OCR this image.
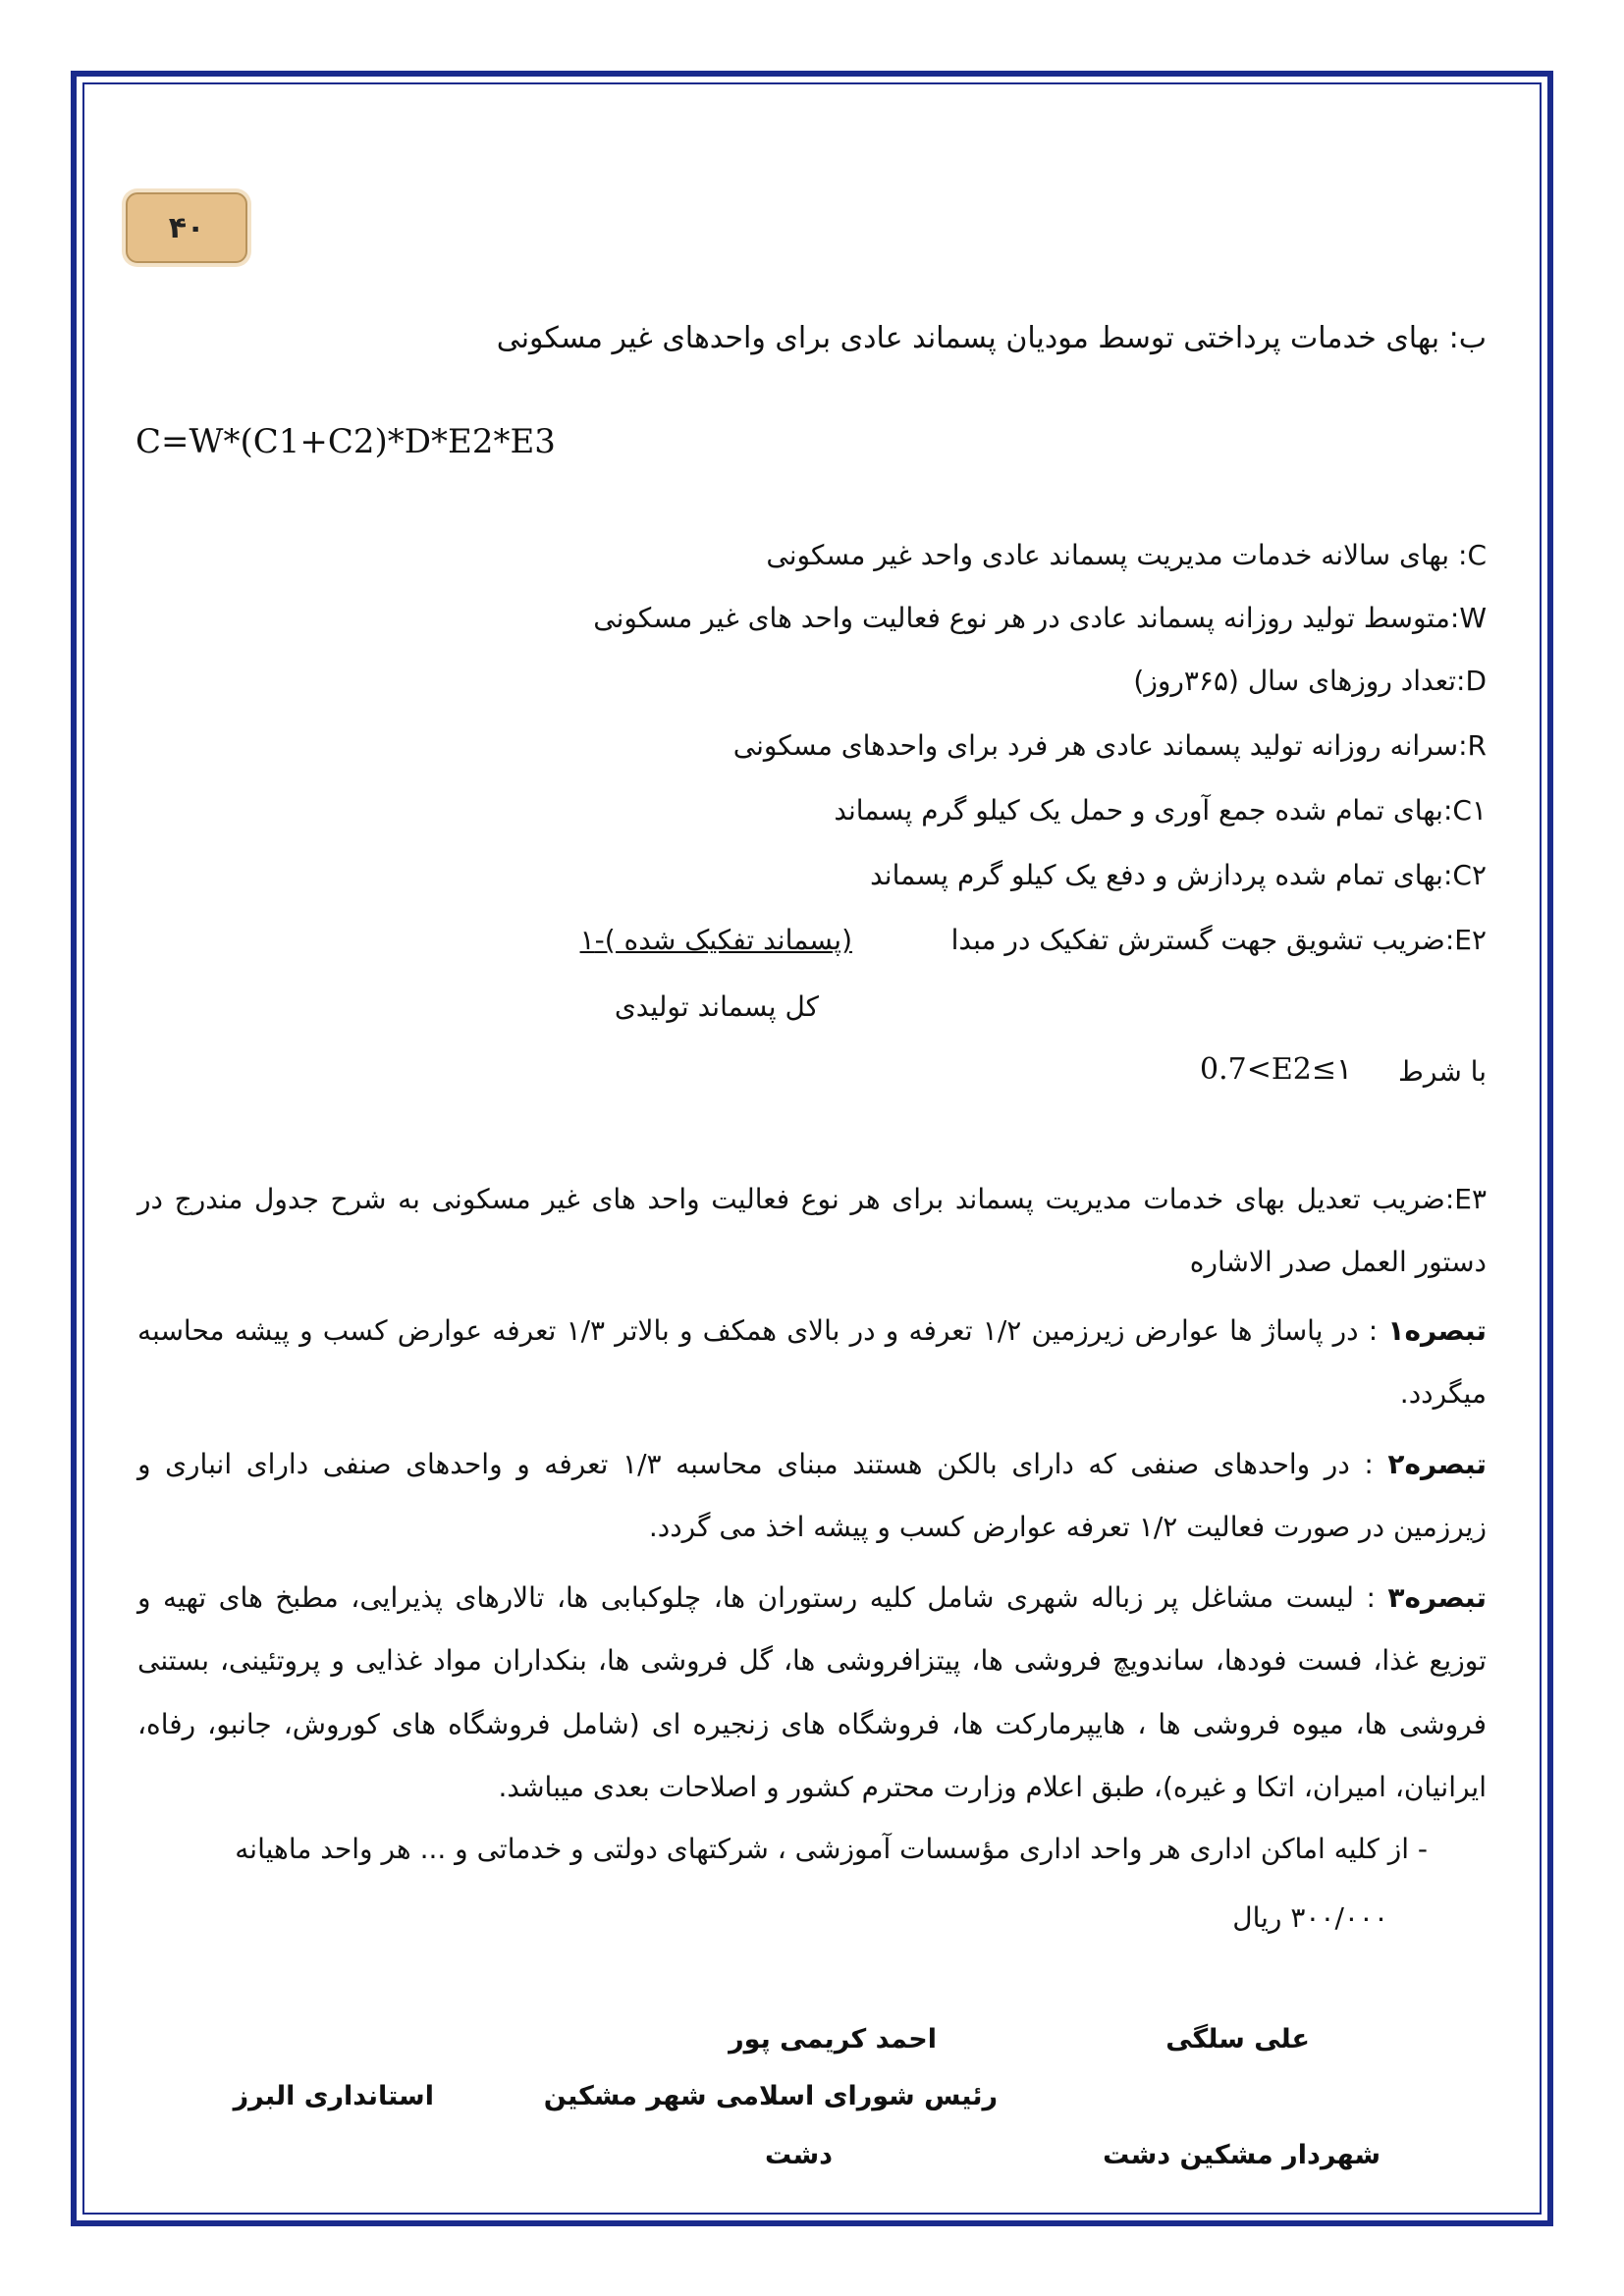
۴۰
ب: بهای خدمات پرداختی توسط مودیان پسماند عادی برای واحدهای غیر مسکونی
C=W*(C1+C2)*D*E2*E3
C: بهای سالانه خدمات مدیریت پسماند عادی واحد غیر مسکونی
W:متوسط تولید روزانه پسماند عادی در هر نوع فعالیت واحد های غیر مسکونی
D:تعداد روزهای سال (۳۶۵روز)
R:سرانه روزانه تولید پسماند عادی هر فرد برای واحدهای مسکونی
C۱:بهای تمام شده جمع آوری و حمل یک کیلو گرم پسماند
C۲:بهای تمام شده پردازش و دفع یک کیلو گرم پسماند
E۲:ضریب تشویق جهت گسترش تفکیک در مبدا
(پسماند تفکیک شده )-۱
کل پسماند تولیدی
با شرط
0.7<E2≤۱
E۳:ضریب تعدیل بهای خدمات مدیریت پسماند برای هر نوع فعالیت واحد های غیر مسکونی به شرح جدول مندرج در دستور العمل صدر الاشاره
تبصره۱ : در پاساژ ها عوارض زیرزمین ۱/۲ تعرفه و در بالای همکف و بالاتر ۱/۳ تعرفه عوارض کسب و پیشه محاسبه میگردد.
تبصره۲ : در واحدهای صنفی که دارای بالکن هستند مبنای محاسبه ۱/۳ تعرفه و واحدهای صنفی دارای انباری و زیرزمین در صورت فعالیت ۱/۲ تعرفه عوارض کسب و پیشه اخذ می گردد.
تبصره۳ : لیست مشاغل پر زباله شهری شامل کلیه رستوران ها، چلوکبابی ها، تالارهای پذیرایی، مطبخ های تهیه و توزیع غذا، فست فودها، ساندویچ فروشی ها، پیتزافروشی ها، گل فروشی ها، بنکداران مواد غذایی و پروتئینی، بستنی فروشی ها، میوه فروشی ها ، هایپرمارکت ها، فروشگاه های زنجیره ای (شامل فروشگاه های کوروش، جانبو، رفاه، ایرانیان، امیران، اتکا و غیره)، طبق اعلام وزارت محترم کشور و اصلاحات بعدی میباشد.
- از کلیه اماکن اداری هر واحد اداری مؤسسات آموزشی ، شرکتهای دولتی و خدماتی و ... هر واحد ماهیانه
۳۰۰/۰۰۰ ریال
علی سلگی
شهردار مشکین دشت
احمد کریمی پور
رئیس شورای اسلامی شهر مشکین
دشت
استانداری البرز
